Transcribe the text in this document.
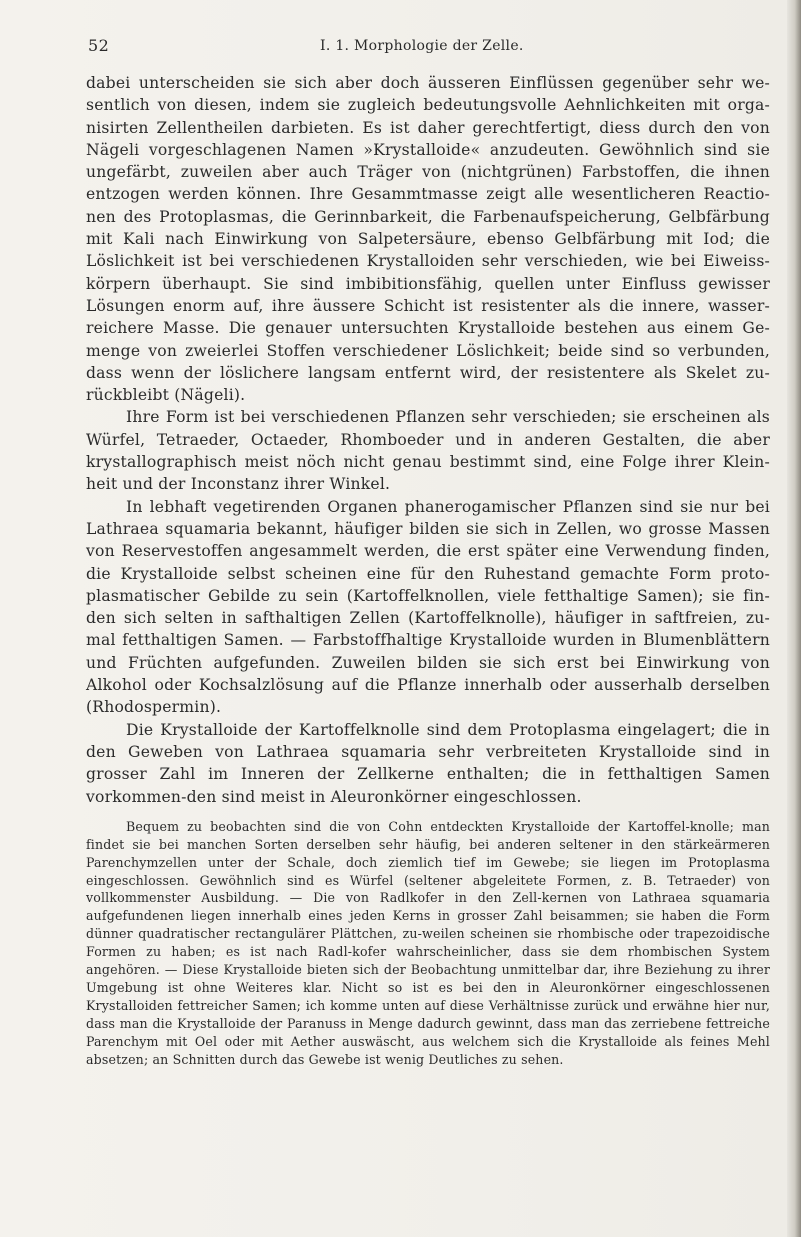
52	I. 1. Morphologie der Zelle.

dabei unterscheiden sie sich aber doch äusseren Einflüssen gegenüber sehr we-sentlich von diesen, indem sie zugleich bedeutungsvolle Aehnlichkeiten mit orga-nisirten Zellentheilen darbieten. Es ist daher gerechtfertigt, diess durch den von Nägeli vorgeschlagenen Namen »Krystalloide« anzudeuten. Gewöhnlich sind sie ungefärbt, zuweilen aber auch Träger von (nichtgrünen) Farbstoffen, die ihnen entzogen werden können. Ihre Gesammtmasse zeigt alle wesentlicheren Reactio-nen des Protoplasmas, die Gerinnbarkeit, die Farbenaufspeicherung, Gelbfärbung mit Kali nach Einwirkung von Salpetersäure, ebenso Gelbfärbung mit Iod; die Löslichkeit ist bei verschiedenen Krystalloiden sehr verschieden, wie bei Eiweiss-körpern überhaupt. Sie sind imbibitionsfähig, quellen unter Einfluss gewisser Lösungen enorm auf, ihre äussere Schicht ist resistenter als die innere, wasser-reichere Masse. Die genauer untersuchten Krystalloide bestehen aus einem Ge-menge von zweierlei Stoffen verschiedener Löslichkeit; beide sind so verbunden, dass wenn der löslichere langsam entfernt wird, der resistentere als Skelet zu-rückbleibt (Nägeli).

Ihre Form ist bei verschiedenen Pflanzen sehr verschieden; sie erscheinen als Würfel, Tetraeder, Octaeder, Rhomboeder und in anderen Gestalten, die aber krystallographisch meist nöch nicht genau bestimmt sind, eine Folge ihrer Klein-heit und der Inconstanz ihrer Winkel.

In lebhaft vegetirenden Organen phanerogamischer Pflanzen sind sie nur bei Lathraea squamaria bekannt, häufiger bilden sie sich in Zellen, wo grosse Massen von Reservestoffen angesammelt werden, die erst später eine Verwendung finden, die Krystalloide selbst scheinen eine für den Ruhestand gemachte Form proto-plasmatischer Gebilde zu sein (Kartoffelknollen, viele fetthaltige Samen); sie fin-den sich selten in safthaltigen Zellen (Kartoffelknolle), häufiger in saftfreien, zu-mal fetthaltigen Samen. — Farbstoffhaltige Krystalloide wurden in Blumenblättern und Früchten aufgefunden. Zuweilen bilden sie sich erst bei Einwirkung von Alkohol oder Kochsalzlösung auf die Pflanze innerhalb oder ausserhalb derselben (Rhodospermin).

Die Krystalloide der Kartoffelknolle sind dem Protoplasma eingelagert; die in den Geweben von Lathraea squamaria sehr verbreiteten Krystalloide sind in grosser Zahl im Inneren der Zellkerne enthalten; die in fetthaltigen Samen vorkommen-den sind meist in Aleuronkörner eingeschlossen.

Bequem zu beobachten sind die von Cohn entdeckten Krystalloide der Kartoffel-knolle; man findet sie bei manchen Sorten derselben sehr häufig, bei anderen seltener in den stärkeärmeren Parenchymzellen unter der Schale, doch ziemlich tief im Gewebe; sie liegen im Protoplasma eingeschlossen. Gewöhnlich sind es Würfel (seltener abgeleitete Formen, z. B. Tetraeder) von vollkommenster Ausbildung. — Die von Radlkofer in den Zell-kernen von Lathraea squamaria aufgefundenen liegen innerhalb eines jeden Kerns in grosser Zahl beisammen; sie haben die Form dünner quadratischer rectangulärer Plättchen, zu-weilen scheinen sie rhombische oder trapezoidische Formen zu haben; es ist nach Radl-kofer wahrscheinlicher, dass sie dem rhombischen System angehören. — Diese Krystalloide bieten sich der Beobachtung unmittelbar dar, ihre Beziehung zu ihrer Umgebung ist ohne Weiteres klar. Nicht so ist es bei den in Aleuronkörner eingeschlossenen Krystalloiden fettreicher Samen; ich komme unten auf diese Verhältnisse zurück und erwähne hier nur, dass man die Krystalloide der Paranuss in Menge dadurch gewinnt, dass man das zerriebene fettreiche Parenchym mit Oel oder mit Aether auswäscht, aus welchem sich die Krystalloide als feines Mehl absetzen; an Schnitten durch das Gewebe ist wenig Deutliches zu sehen.
